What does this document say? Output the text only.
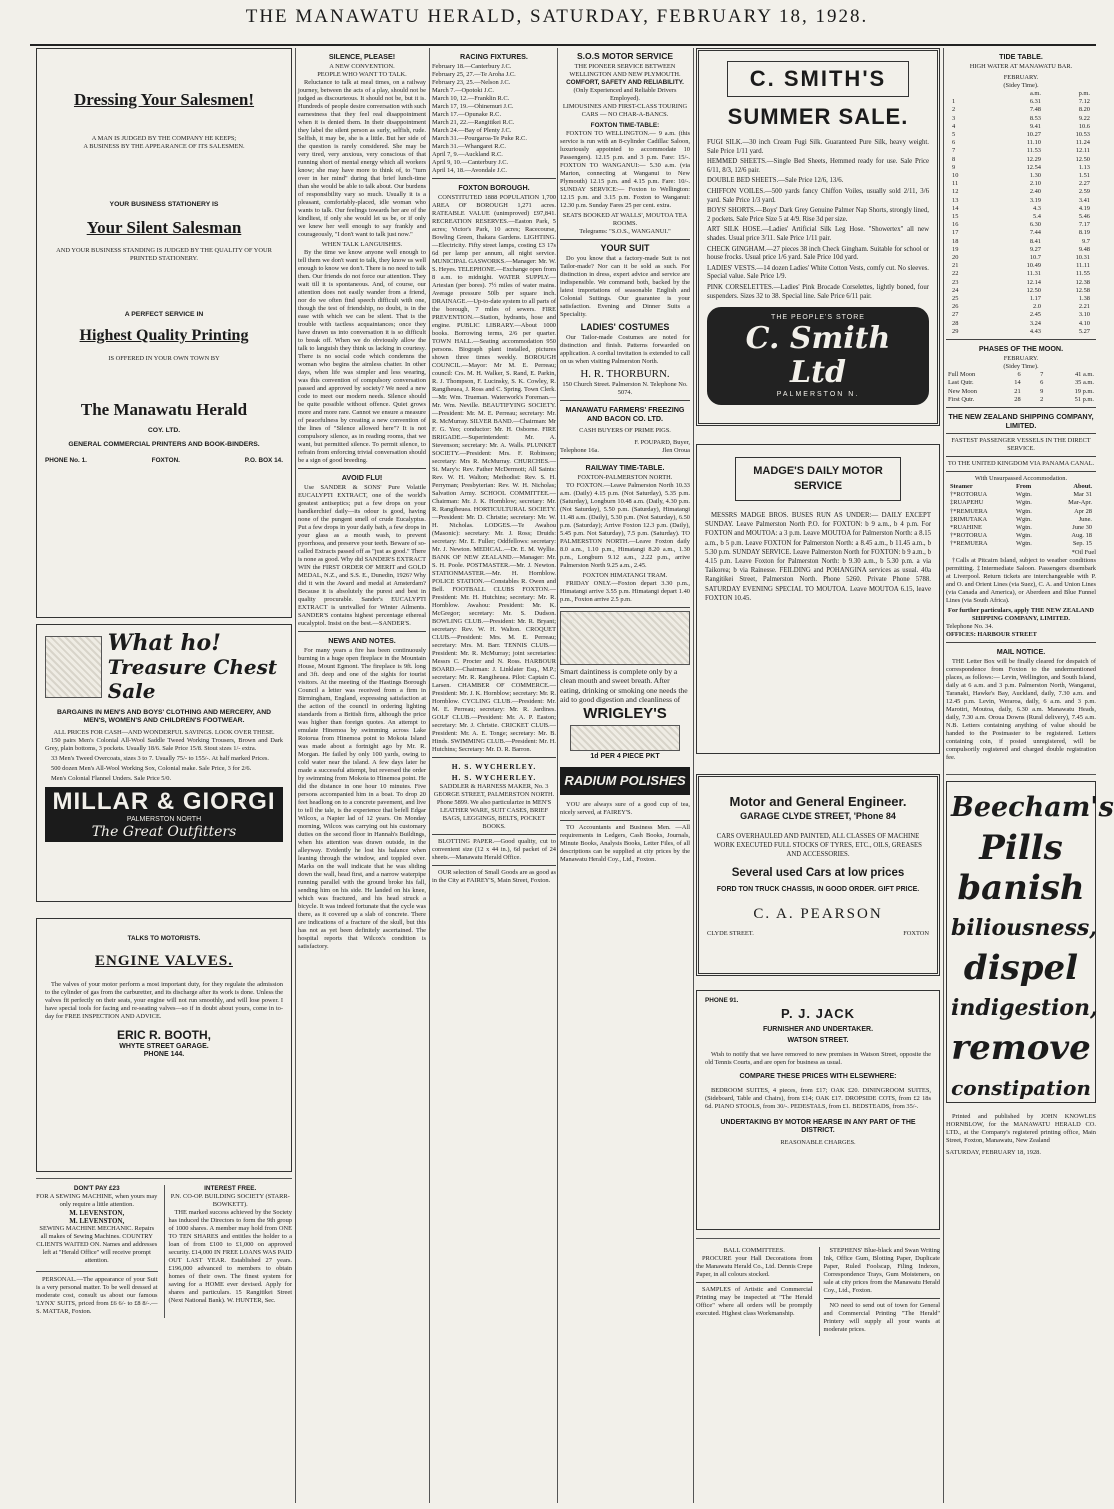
THE MANAWATU HERALD, SATURDAY, FEBRUARY 18, 1928.
Dressing Your Salesmen!
A MAN IS JUDGED BY THE COMPANY HE KEEPS;
A BUSINESS BY THE APPEARANCE OF ITS SALESMEN.
YOUR BUSINESS STATIONERY IS
Your Silent Salesman
AND YOUR BUSINESS STANDING IS JUDGED BY THE QUALITY OF YOUR PRINTED STATIONERY.
A PERFECT SERVICE IN
Highest Quality Printing
IS OFFERED IN YOUR OWN TOWN BY
The Manawatu Herald
COY. LTD.
GENERAL COMMERCIAL PRINTERS AND BOOK-BINDERS.
PHONE No. 1.	FOXTON.	P.O. BOX 14.
What ho!
Treasure Chest Sale
BARGAINS IN MEN'S AND BOYS' CLOTHING AND MERCERY, AND MEN'S, WOMEN'S AND CHILDREN'S FOOTWEAR.
ALL PRICES FOR CASH—AND WONDERFUL SAVINGS. LOOK OVER THESE.

150 pairs Men's Colonial All-Wool Saddle Tweed Working Trousers, Brown and Dark Grey, plain bottoms, 3 pockets. Usually 18/6. Sale Price 15/8. Stout sizes 1/- extra.

33 Men's Tweed Overcoats, sizes 3 to 7. Usually 75/- to 155/-. At half marked Prices.

500 dozen Men's All-Wool Working Sox, Colonial make. Sale Price, 3 for 2/6.

Men's Colonial Flannel Unders. Sale Price 5/0.

MILLAR & GIORGI
PALMERSTON NORTH
The Great Outfitters
TALKS TO MOTORISTS.
ENGINE VALVES.

The valves of your motor perform a most important duty, for they regulate the admission to the cylinder of gas from the carburetter, and its discharge after its work is done. Unless the valves fit perfectly on their seats, your engine will not run smoothly, and will lose power. I have special tools for facing and re-seating valves—so if in doubt about yours, come in to-day for FREE INSPECTION AND ADVICE.

ERIC R. BOOTH,
WHYTE STREET GARAGE.
PHONE 144.
DON'T PAY £23
FOR A SEWING MACHINE, when yours may only require a little attention.
M. LEVENSTON,
M. LEVENSTON,
SEWING MACHINE MECHANIC. Repairs all makes of Sewing Machines. COUNTRY CLIENTS WAITED ON. Names and addresses left at "Herald Office" will receive prompt attention.

PERSONAL.—The appearance of your Suit is a very personal matter. To be well dressed at moderate cost, consult us about our famous 'LYNX' SUITS, priced from £6 6/- to £8 8/-.—S. MATTAR, Foxton.

INTEREST FREE.
P.N. CO-OP. BUILDING SOCIETY (STARR-BOWKETT).

THE marked success achieved by the Society has induced the Directors to form the 9th group of 1000 shares. A member may hold from ONE TO TEN SHARES and entitles the holder to a loan of from £100 to £1,000 on approved security. £14,000 IN FREE LOANS WAS PAID OUT LAST YEAR. Established 27 years. £196,000 advanced to members to obtain homes of their own. The finest system for saving for a HOME ever devised. Apply for shares and particulars. 15 Rangitikei Street (Next National Bank). W. HUNTER, Sec.

SILENCE, PLEASE!
A NEW CONVENTION.
PEOPLE WHO WANT TO TALK.

Reluctance to talk at meal times, on a railway journey, between the acts of a play, should not be judged as discourteous. It should not be, but it is. Hundreds of people desire conversation with such earnestness that they feel real disappointment when it is denied them. In their disappointment they label the silent person as surly, selfish, rude. Selfish, it may be, she is a little. But her side of the question is rarely considered. She may be very tired, very anxious, very conscious of that running short of mental energy which all workers know; she may have more to think of, to "turn over in her mind" during that brief lunch-time than she would be able to talk about. Our burdens of responsibility vary so much. Usually it is a pleasant, comfortably-placed, idle woman who wants to talk. Our feelings towards her are of the kindliest, if only she would let us be, or if only we knew her well enough to say frankly and courageously, "I don't want to talk just now."

WHEN TALK LANGUISHES.

By the time we know anyone well enough to tell them we don't want to talk, they know us well enough to know we don't. There is no need to talk then. Our friends do not force our attention. They wait till it is spontaneous. And, of course, our attention does not easily wander from a friend, nor do we often find speech difficult with one, though the test of friendship, no doubt, is in the ease with which we can be silent. That is the trouble with tactless acquaintances; once they have drawn us into conversation it is so difficult to break off. When we do obviously allow the talk to languish they think us lacking in courtesy. There is no social code which condemns the woman who begins the aimless chatter. In other days, when life was simpler and less wearing, was this convention of compulsory conversation passed and approved by society? We need a new code to meet our modern needs. Silence should be quite possible without offence. Quiet grows more and more rare. Cannot we ensure a measure of peacefulness by creating a new convention of the lines of "Silence allowed here"? It is not compulsory silence, as in reading rooms, that we want, but permitted silence. To permit silence, to refrain from enforcing trivial conversation should be a sign of good breeding.

AVOID FLU!

Use SANDER & SONS' Pure Volatile EUCALYPTI EXTRACT, one of the world's greatest antiseptics; put a few drops on your handkerchief daily—its odour is good, having none of the pungent smell of crude Eucalyptus. Put a few drops in your daily bath, a few drops in your glass as a mouth wash, to prevent pyorrhoea, and preserve your teeth. Beware of so-called Extracts passed off as "just as good." There is none as good. Why did SANDER'S EXTRACT WIN the FIRST ORDER OF MERIT and GOLD MEDAL, N.Z., and S.S. E., Dunedin, 1926? Why did it win the Award and medal at Amsterdam? Because it is absolutely the purest and best in quality procurable. Sander's EUCALYPTI EXTRACT is unrivalled for Winter Ailments. SANDER'S contains highest percentage ethereal eucalyptol. Insist on the best.—SANDER'S.

NEWS AND NOTES.

For many years a fire has been continuously burning in a huge open fireplace in the Mountain House, Mount Egmont. The fireplace is 9ft. long and 3ft. deep and one of the sights for tourist visitors. At the meeting of the Hastings Borough Council a letter was received from a firm in Birmingham, England, expressing satisfaction at the action of the council in ordering lighting standards from a British firm, although the price was higher than foreign quotes. An attempt to emulate Hinemoa by swimming across Lake Rotorua from Hinemoa point to Mokoia Island was made about a fortnight ago by Mr. R. Morgan. He failed by only 100 yards, owing to cold water near the island. A few days later he made a successful attempt, but reversed the order by swimming from Mokoia to Hinemoa point. He did the distance in one hour 10 minutes. Five persons accompanied him in a boat. To drop 20 feet headlong on to a concrete pavement, and live to tell the tale, is the experience that befell Edgar Wilcox, a Napier lad of 12 years. On Monday morning, Wilcox was carrying out his customary duties on the second floor in Hannah's Buildings, when his attention was drawn outside, in the alleyway. Evidently he lost his balance when leaning through the window, and toppled over. Marks on the wall indicate that he was sliding down the wall, head first, and a narrow waterpipe running parallel with the ground broke his fall, sending him on his side. He landed on his knee, which was fractured, and his head struck a bicycle. It was indeed fortunate that the cycle was there, as it covered up a slab of concrete. There are indications of a fracture of the skull, but this has not as yet been definitely ascertained. The hospital reports that Wilcox's condition is satisfactory.

RACING FIXTURES.
February 18.—Canterbury J.C.
February 25, 27.—Te Aroha J.C.
February 23, 25.—Nelson J.C.
March 7.—Opotoki J.C.
March 10, 12.—Franklin R.C.
March 17, 19.—Ohinemuri J.C.
March 17.—Opunake R.C.
March 21, 22.—Rangitikei R.C.
March 24.—Bay of Plenty J.C.
March 31.—Pourgaroa-Te Puke R.C.
March 31.—Whangarei R.C.
April 7, 9.—Auckland R.C.
April 9, 10.—Canterbury J.C.
April 14, 18.—Avondale J.C.
FOXTON BOROUGH.

CONSTITUTED 1888 POPULATION 1,700 AREA OF BOROUGH 1,271 acres. RATEABLE VALUE (unimproved) £97,841. RECREATION RESERVES.—Easton Park, 5 acres; Victor's Park, 10 acres; Racecourse, Bowling Green, Ihakara Gardens. LIGHTING.—Electricity. Fifty street lamps, costing £3 17s 6d per lamp per annum, all night service. MUNICIPAL GASWORKS.—Manager: Mr. W. S. Heyes. TELEPHONE.—Exchange open from 8 a.m. to midnight. WATER SUPPLY.—Artesian (per bores). 7½ miles of water mains. Average pressure 50lb per square inch. DRAINAGE.—Up-to-date system to all parts of the borough, 7 miles of sewers. FIRE PREVENTION.—Station, hydrants, hose and engine. PUBLIC LIBRARY.—About 1000 books. Borrowing terms, 2/6 per quarter. TOWN HALL.—Seating accommodation 950 persons. Biograph plant installed, pictures shown three times weekly. BOROUGH COUNCIL.—Mayor: Mr M. E. Perreau; council: Crs. M. H. Walker, S. Rand, E. Parkin, R. J. Thompson, F. Lucinsky, S. K. Cowley, R. Rangiheuea, J. Ross and C. Spring. Town Clerk.—Mr. Wm. Trueman. Waterwork's Foreman.—Mr. Wm. Neville. BEAUTIFYING SOCIETY.—President: Mr. M. E. Perreau; secretary: Mr. R. McMurray. SILVER BAND.—Chairman: Mr F. G. Yeo; conductor: Mr. H. Osborne. FIRE BRIGADE.—Superintendent: Mr. A. Stevenson; secretary: Mr. A. Walls. PLUNKET SOCIETY.—President: Mrs. F. Robinson; secretary: Mrs R. McMurray. CHURCHES.—St. Mary's: Rev. Father McDermott; All Saints: Rev. W. H. Walton; Methodist: Rev. S. H. Perryman; Presbyterian: Rev. W. H. Nicholas; Salvation Army. SCHOOL COMMITTEE.—Chairman: Mr. J. K. Hornblow; secretary: Mr. R. Rangiheuea. HORTICULTURAL SOCIETY.—President: Mr. D. Christie; secretary: Mr. W. H. Nicholas. LODGES.—Te Awahou (Masonic): secretary: Mr. J. Ross; Druids: secretary: Mr. E. Fuller; Oddfellows: secretary: Mr. J. Newton. MEDICAL.—Dr. E. M. Wyllie. BANK OF NEW ZEALAND.—Manager: Mr. S. H. Poole. POSTMASTER.—Mr. J. Newton. STATIONMASTER.—Mr. H. Hornblow. POLICE STATION.—Constables R. Owen and Bell. FOOTBALL CLUBS FOXTON.—President: Mr. H. Hutchins; secretary: Mr. R. Hornblow. Awahou: President: Mr. K. McGregor; secretary: Mr. S. Dudson. BOWLING CLUB.—President: Mr. R. Bryant; secretary: Rev. W. H. Walton. CROQUET CLUB.—President: Mrs. M. E. Perreau; secretary: Mrs. M. Barr. TENNIS CLUB.—President: Mr. R. McMurray; joint secretaries: Messrs C. Procter and N. Ross. HARBOUR BOARD.—Chairman: J. Linklater Esq., M.P.; secretary: Mr. R. Rangiheuea. Pilot: Captain C. Larsen. CHAMBER OF COMMERCE.—President: Mr. J. K. Hornblow; secretary: Mr. R. Hornblow. CYCLING CLUB.—President: Mr. M. E. Perreau; secretary: Mr. R. Jardines. GOLF CLUB.—President: Mr. A. P. Easton; secretary: Mr. J. Christie. CRICKET CLUB.—President: Mr. A. E. Tonge; secretary: Mr. B. Hinds. SWIMMING CLUB.—President: Mr. H. Hutchins; Secretary: Mr. D. R. Barron.

H. S. WYCHERLEY.
H. S. WYCHERLEY.
SADDLER & HARNESS MAKER, No. 3 GEORGE STREET, PALMERSTON NORTH. Phone 5899. We also particularize in MEN'S LEATHER WARE, SUIT CASES, BRIEF BAGS, LEGGINGS, BELTS, POCKET BOOKS.

BLOTTING PAPER.—Good quality, cut to convenient size (12 x 44 in.), 6d packet of 24 sheets.—Manawatu Herald Office.

OUR selection of Small Goods are as good as in the City at FAIREY'S, Main Street, Foxton.

S.O.S MOTOR SERVICE
THE PIONEER SERVICE BETWEEN WELLINGTON AND NEW PLYMOUTH.
COMFORT, SAFETY AND RELIABILITY.
(Only Experienced and Reliable Drivers Employed).
LIMOUSINES AND FIRST-CLASS TOURING CARS — NO CHAR-A-BANCS.
FOXTON TIME-TABLE:

FOXTON TO WELLINGTON.— 9 a.m. (this service is run with an 8-cylinder Cadillac Saloon, luxuriously appointed to accommodate 10 Passengers). 12.15 p.m. and 3 p.m. Fare: 15/-. FOXTON TO WANGANUI:— 5.30 a.m. (via Marton, connecting at Wanganui to New Plymouth) 12.15 p.m. and 4.15 p.m. Fare: 10/-. SUNDAY SERVICE:— Foxton to Wellington: 12.15 p.m. and 3.15 p.m. Foxton to Wanganui: 12.30 p.m. Sunday Fares 25 per cent. extra.

SEATS BOOKED AT WALLS', MOUTOA TEA ROOMS.
Telegrams: "S.O.S., WANGANUI."
YOUR SUIT

Do you know that a factory-made Suit is not Tailor-made? Nor can it be sold as such. For distinction in dress, expert advice and service are indispensible. We command both, backed by the latest importations of seasonable English and Colonial Suitings. Our guarantee is your satisfaction. Evening and Dinner Suits a Speciality.

LADIES' COSTUMES

Our Tailor-made Costumes are noted for distinction and finish. Patterns forwarded on application. A cordial invitation is extended to call on us when visiting Palmerston North.

H. R. THORBURN.
150 Church Street. Palmerston N. Telephone No. 5074.
MANAWATU FARMERS' FREEZING AND BACON CO. LTD.
CASH BUYERS OF PRIME PIGS.
F. POUPARD, Buyer,
Telephone 16a.	Jlen Oroua
RAILWAY TIME-TABLE.
FOXTON-PALMERSTON NORTH.

TO FOXTON.—Leave Palmerston North 10.33 a.m. (Daily) 4.15 p.m. (Not Saturday), 5.35 p.m. (Saturday), Longburn 10.48 a.m. (Daily, 4.30 p.m. (Not Saturday), 5.50 p.m. (Saturday), Himatangi 11.48 a.m. (Daily), 5.30 p.m. (Not Saturday), 6.50 p.m. (Saturday); Arrive Foxton 12.3 p.m. (Daily), 5.45 p.m. Not Saturday), 7.5 p.m. (Saturday). TO PALMERSTON NORTH.—Leave Foxton daily 8.0 a.m., 1.10 p.m., Himatangi 8.20 a.m., 1.30 p.m., Longburn 9.12 a.m., 2.22 p.m., arrive Palmerston North 9.25 a.m., 2.45.

FOXTON HIMATANGI TRAM.

FRIDAY ONLY.—Foxton depart 3.30 p.m., Himatangi arrive 3.55 p.m. Himatangi depart 1.40 p.m., Foxton arrive 2.5 p.m.

Smart daintiness is complete only by a clean mouth and sweet breath. After eating, drinking or smoking one needs the aid to good digestion and cleanliness of
WRIGLEY'S
1d PER 4 PIECE PKT
RADIUM POLISHES

YOU are always sure of a good cup of tea, nicely served, at FAIREY'S.

TO Accountants and Business Men. —All requirements in Ledgers, Cash Books, Journals, Minute Books, Analysis Books, Letter Files, of all descriptions can be supplied at city prices by the Manawatu Herald Coy., Ltd., Foxton.

C. SMITH'S
SUMMER SALE.

FUGI SILK.—30 inch Cream Fugi Silk. Guaranteed Pure Silk, heavy weight. Sale Price 1/11 yard.

HEMMED SHEETS.—Single Bed Sheets, Hemmed ready for use. Sale Price 6/11, 8/3, 12/6 pair.

DOUBLE BED SHEETS.—Sale Price 12/6, 13/6.

CHIFFON VOILES.—500 yards fancy Chiffon Voiles, usually sold 2/11, 3/6 yard. Sale Price 1/3 yard.

BOYS' SHORTS.—Boys' Dark Grey Genuine Palmer Nap Shorts, strongly lined, 2 pockets. Sale Price Size 5 at 4/9. Rise 3d per size.

ART SILK HOSE.—Ladies' Artificial Silk Leg Hose. "Showertex" all new shades. Usual price 3/11. Sale Price 1/11 pair.

CHECK GINGHAM.—27 pieces 38 inch Check Gingham. Suitable for school or house frocks. Usual price 1/6 yard. Sale Price 10d yard.

LADIES' VESTS.—14 dozen Ladies' White Cotton Vests, comfy cut. No sleeves. Special value. Sale Price 1/9.

PINK CORSELETTES.—Ladies' Pink Brocade Corselettes, lightly boned, four suspenders. Sizes 32 to 38. Special line. Sale Price 6/11 pair.

THE PEOPLE'S STORE
C. Smith Ltd
PALMERSTON N.
MADGE'S DAILY MOTOR SERVICE

MESSRS MADGE BROS. BUSES RUN AS UNDER:— DAILY EXCEPT SUNDAY. Leave Palmerston North P.O. for FOXTON: b 9 a.m., b 4 p.m. For FOXTON and MOUTOA: a 3 p.m. Leave MOUTOA for Palmerston North: a 8.15 a.m., b 5 p.m. Leave FOXTON for Palmerston North: a 8.45 a.m., b 11.45 a.m., b 5.30 p.m. SUNDAY SERVICE. Leave Palmerston North for FOXTON: b 9 a.m., b 4.15 p.m. Leave Foxton for Palmerston North: b 9.30 a.m., b 5.30 p.m. a via Taikorea; b via Rainesse. FEILDING and POHANGINA services as usual. 40a Rangitikei Street, Palmerston North. Phone 5260. Private Phone 5788. SATURDAY EVENING SPECIAL TO MOUTOA. Leave MOUTOA 6.15, leave FOXTON 10.45.

Motor and General Engineer.
GARAGE CLYDE STREET, 'Phone 84
CARS OVERHAULED AND PAINTED, ALL CLASSES OF MACHINE WORK EXECUTED FULL STOCKS OF TYRES, ETC., OILS, GREASES AND ACCESSORIES.
Several used Cars at low prices
FORD TON TRUCK CHASSIS, IN GOOD ORDER. GIFT PRICE.
C. A. PEARSON
CLYDE STREET.	FOXTON
PHONE 91.
P. J. JACK
FURNISHER AND UNDERTAKER.
WATSON STREET.

Wish to notify that we have removed to new premises in Watson Street, opposite the old Tennis Courts, and are open for business as usual.

COMPARE THESE PRICES WITH ELSEWHERE:

BEDROOM SUITES, 4 pieces, from £17; OAK £20. DININGROOM SUITES, (Sideboard, Table and Chairs), from £14; OAK £17. DROPSIDE COTS, from £2 18s 6d. PIANO STOOLS, from 30/-. PEDESTALS, from £1. BEDSTEADS, from 35/-.

UNDERTAKING BY MOTOR HEARSE IN ANY PART OF THE DISTRICT.
REASONABLE CHARGES.
BALL COMMITTEES.

PROCURE your Hall Decorations from the Manawatu Herald Co., Ltd. Dennis Crepe Paper, in all colours stocked.

SAMPLES of Artistic and Commercial Printing may be inspected at "The Herald Office" where all orders will be promptly executed. Highest class Workmanship.

STEPHENS' Blue-black and Swan Writing Ink, Office Gum, Blotting Paper, Duplicate Paper, Ruled Foolscap, Filing Indexes, Correspondence Trays, Gum Moisteners, on sale at city prices from the Manawatu Herald Coy., Ltd., Foxton.

NO need to send out of town for General and Commercial Printing "The Herald" Printery will supply all your wants at moderate prices.

TIDE TABLE.
HIGH WATER AT MANAWATU BAR.
FEBRUARY.
(Sidey Time).
a.m.	p.m.
1	6.31	7.12
2	7.48	8.20
3	8.53	9.22
4	9.41	10.6
5	10.27	10.53
6	11.10	11.24
7	11.53	12.11
8	12.29	12.50
9	12.54	1.13
10	1.30	1.51
11	2.10	2.27
12	2.40	2.59
13	3.19	3.41
14	4.3	4.19
15	5.4	5.46
16	6.30	7.17
17	7.44	8.19
18	8.41	9.7
19	9.27	9.48
20	10.7	10.31
21	10.49	11.11
22	11.31	11.55
23	12.14	12.38
24	12.50	12.58
25	1.17	1.38
26	2.0	2.21
27	2.45	3.10
28	3.24	4.10
29	4.43	5.27
PHASES OF THE MOON.
FEBRUARY.
(Sidey Time).
Full Moon	6	7	41 a.m.
Last Qutr.	14	6	35 a.m.
New Moon	21	9	19 p.m.
First Qutr.	28	2	51 p.m.
THE NEW ZEALAND SHIPPING COMPANY, LIMITED.
FASTEST PASSENGER VESSELS IN THE DIRECT SERVICE.
TO THE UNITED KINGDOM VIA PANAMA CANAL.
With Unsurpassed Accommodation.
Steamer	From	About.
†*ROTORUA	Wgtn.	Mar 31
‡RUAPEHU	Wgtn.	Mar-Apr.
†*REMUERA	Wgtn.	Apr 28
‡RIMUTAKA	Wgtn.	June.
*RUAHINE	Wgtn.	June 30
†*ROTORUA	Wgtn.	Aug. 18
†*REMUERA	Wgtn.	Sep. 15
*Oil Fuel

†Calls at Pitcairn Island, subject to weather conditions permitting. ‡Intermediate Saloon. Passengers disembark at Liverpool. Return tickets are interchangeable with P. and O. and Orient Lines (via Suez), C. A. and Union Lines (via Canada and America), or Aberdeen and Blue Funnel Lines (via South Africa).

For further particulars, apply THE NEW ZEALAND SHIPPING COMPANY, LIMITED.
Telephone No. 34.
OFFICES: HARBOUR STREET
MAIL NOTICE.

THE Letter Box will be finally cleared for despatch of correspondence from Foxton to the undermentioned places, as follows:— Levin, Wellington, and South Island, daily at 6 a.m. and 3 p.m. Palmerston North, Wanganui, Taranaki, Hawke's Bay, Auckland, daily, 7.30 a.m. and 12.45 p.m. Levin, Weraroa, daily, 6 a.m. and 3 p.m. Marotiri, Moutoa, daily, 6.30 a.m. Manawatu Heads, daily, 7.30 a.m. Oroua Downs (Rural delivery), 7.45 a.m. N.B. Letters containing anything of value should be handed to the Postmaster to be registered. Letters containing coin, if posted unregistered, will be compulsorily registered and charged double registration fee.

Beecham's
Pills
banish
biliousness,
dispel
indigestion,
remove
constipation

Printed and published by JOHN KNOWLES HORNBLOW, for the MANAWATU HERALD CO. LTD., at the Company's registered printing office, Main Street, Foxton, Manawatu, New Zealand

SATURDAY, FEBRUARY 18, 1928.
